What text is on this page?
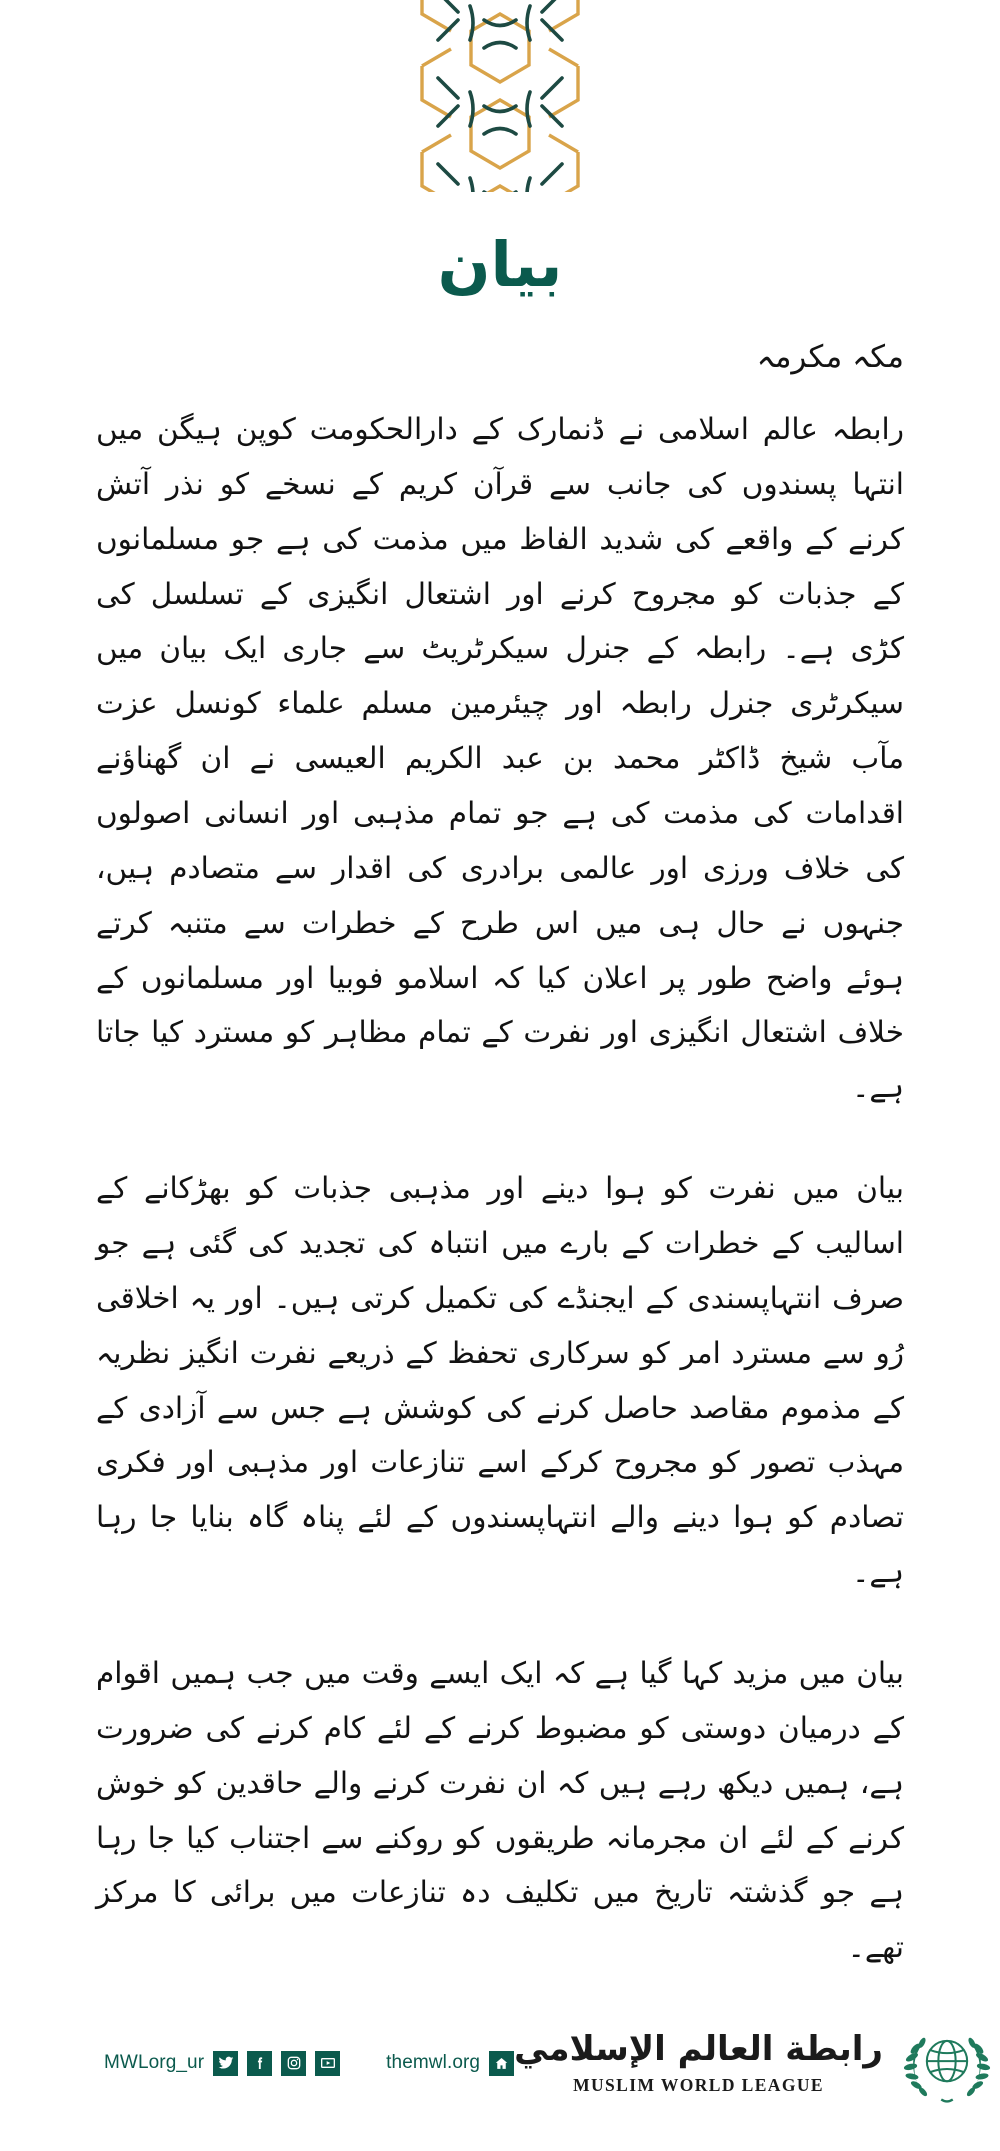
بیان
مکہ مکرمہ

رابطہ عالم اسلامی نے ڈنمارک کے دارالحکومت کوپن ہیگن میں انتہا پسندوں کی جانب سے قرآن کریم کے نسخے کو نذر آتش کرنے کے واقعے کی شدید الفاظ میں مذمت کی ہے جو مسلمانوں کے جذبات کو مجروح کرنے اور اشتعال انگیزی کے تسلسل کی کڑی ہے۔ رابطہ کے جنرل سیکرٹریٹ سے جاری ایک بیان میں سیکرٹری جنرل رابطہ اور چیئرمین مسلم علماء کونسل عزت مآب شیخ ڈاکٹر محمد بن عبد الکریم العیسی نے ان گھناؤنے اقدامات کی مذمت کی ہے جو تمام مذہبی اور انسانی اصولوں کی خلاف ورزی اور عالمی برادری کی اقدار سے متصادم ہیں، جنہوں نے حال ہی میں اس طرح کے خطرات سے متنبہ کرتے ہوئے واضح طور پر اعلان کیا کہ اسلامو فوبیا اور مسلمانوں کے خلاف اشتعال انگیزی اور نفرت کے تمام مظاہر کو مسترد کیا جاتا ہے۔

بیان میں نفرت کو ہوا دینے اور مذہبی جذبات کو بھڑکانے کے اسالیب کے خطرات کے بارے میں انتباہ کی تجدید کی گئی ہے جو صرف انتہاپسندی کے ایجنڈے کی تکمیل کرتی ہیں۔ اور یہ اخلاقی رُو سے مسترد امر کو سرکاری تحفظ کے ذریعے نفرت انگیز نظریہ کے مذموم مقاصد حاصل کرنے کی کوشش ہے جس سے آزادی کے مہذب تصور کو مجروح کرکے اسے تنازعات اور مذہبی اور فکری تصادم کو ہوا دینے والے انتہاپسندوں کے لئے پناہ گاہ بنایا جا رہا ہے۔

بیان میں مزید کہا گیا ہے کہ ایک ایسے وقت میں جب ہمیں اقوام کے درمیان دوستی کو مضبوط کرنے کے لئے کام کرنے کی ضرورت ہے، ہمیں دیکھ رہے ہیں کہ ان نفرت کرنے والے حاقدین کو خوش کرنے کے لئے ان مجرمانہ طریقوں کو روکنے سے اجتناب کیا جا رہا ہے جو گذشتہ تاریخ میں تکلیف دہ تنازعات میں برائی کا مرکز تھے۔

MWLorg_ur	themwl.org رابطة العالم الإسلامي
MUSLIM WORLD LEAGUE
